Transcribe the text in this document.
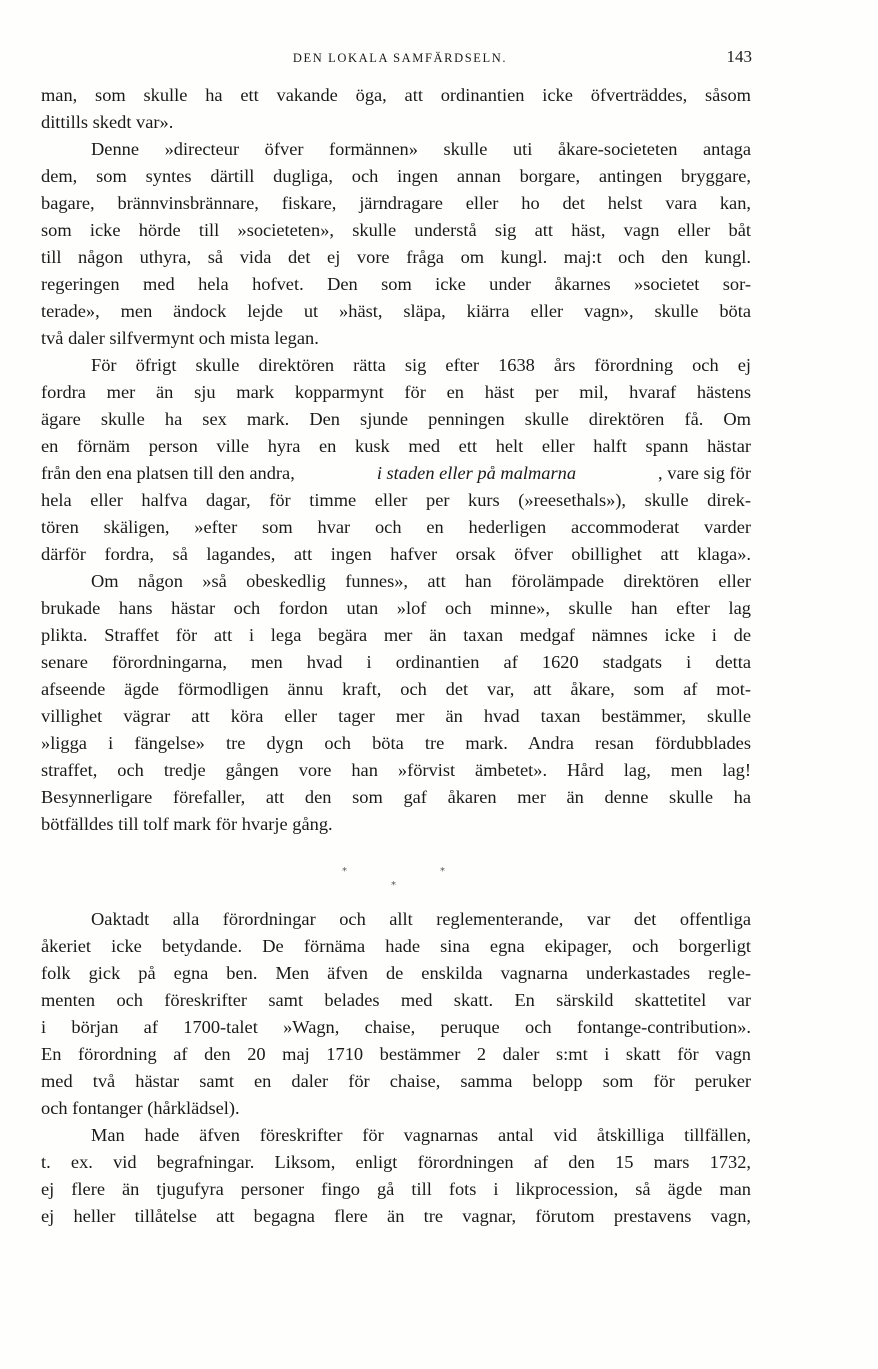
DEN LOKALA SAMFÄRDSELN.	143
man, som skulle ha ett vakande öga, att ordinantien icke öfverträddes, såsom
dittills skedt var».
Denne »directeur öfver formännen» skulle uti åkare-societeten antaga
dem, som syntes därtill dugliga, och ingen annan borgare, antingen bryggare,
bagare, brännvinsbrännare, fiskare, järndragare eller ho det helst vara kan,
som icke hörde till »societeten», skulle understå sig att häst, vagn eller båt
till någon uthyra, så vida det ej vore fråga om kungl. maj:t och den kungl.
regeringen med hela hofvet. Den som icke under åkarnes »societet sor-
terade», men ändock lejde ut »häst, släpa, kiärra eller vagn», skulle böta
två daler silfvermynt och mista legan.
För öfrigt skulle direktören rätta sig efter 1638 års förordning och ej
fordra mer än sju mark kopparmynt för en häst per mil, hvaraf hästens
ägare skulle ha sex mark. Den sjunde penningen skulle direktören få. Om
en förnäm person ville hyra en kusk med ett helt eller halft spann hästar
från den ena platsen till den andra,	i staden eller på malmarna	, vare sig för
hela eller halfva dagar, för timme eller per kurs (»reesethals»), skulle direk-
tören skäligen, »efter som hvar och en hederligen accommoderat varder
därför fordra, så lagandes, att ingen hafver orsak öfver obillighet att klaga».
Om någon »så obeskedlig funnes», att han förolämpade direktören eller
brukade hans hästar och fordon utan »lof och minne», skulle han efter lag
plikta. Straffet för att i lega begära mer än taxan medgaf nämnes icke i de
senare förordningarna, men hvad i ordinantien af 1620 stadgats i detta
afseende ägde förmodligen ännu kraft, och det var, att åkare, som af mot-
villighet vägrar att köra eller tager mer än hvad taxan bestämmer, skulle
»ligga i fängelse» tre dygn och böta tre mark. Andra resan fördubblades
straffet, och tredje gången vore han »förvist ämbetet». Hård lag, men lag!
Besynnerligare förefaller, att den som gaf åkaren mer än denne skulle ha
bötfälldes till tolf mark för hvarje gång.
*	*
*
Oaktadt alla förordningar och allt reglementerande, var det offentliga
åkeriet icke betydande. De förnäma hade sina egna ekipager, och borgerligt
folk gick på egna ben. Men äfven de enskilda vagnarna underkastades regle-
menten och föreskrifter samt belades med skatt. En särskild skattetitel var
i början af 1700-talet »Wagn, chaise, peruque och fontange-contribution».
En förordning af den 20 maj 1710 bestämmer 2 daler s:mt i skatt för vagn
med två hästar samt en daler för chaise, samma belopp som för peruker
och fontanger (hårklädsel).
Man hade äfven föreskrifter för vagnarnas antal vid åtskilliga tillfällen,
t. ex. vid begrafningar. Liksom, enligt förordningen af den 15 mars 1732,
ej flere än tjugufyra personer fingo gå till fots i likprocession, så ägde man
ej heller tillåtelse att begagna flere än tre vagnar, förutom prestavens vagn,
